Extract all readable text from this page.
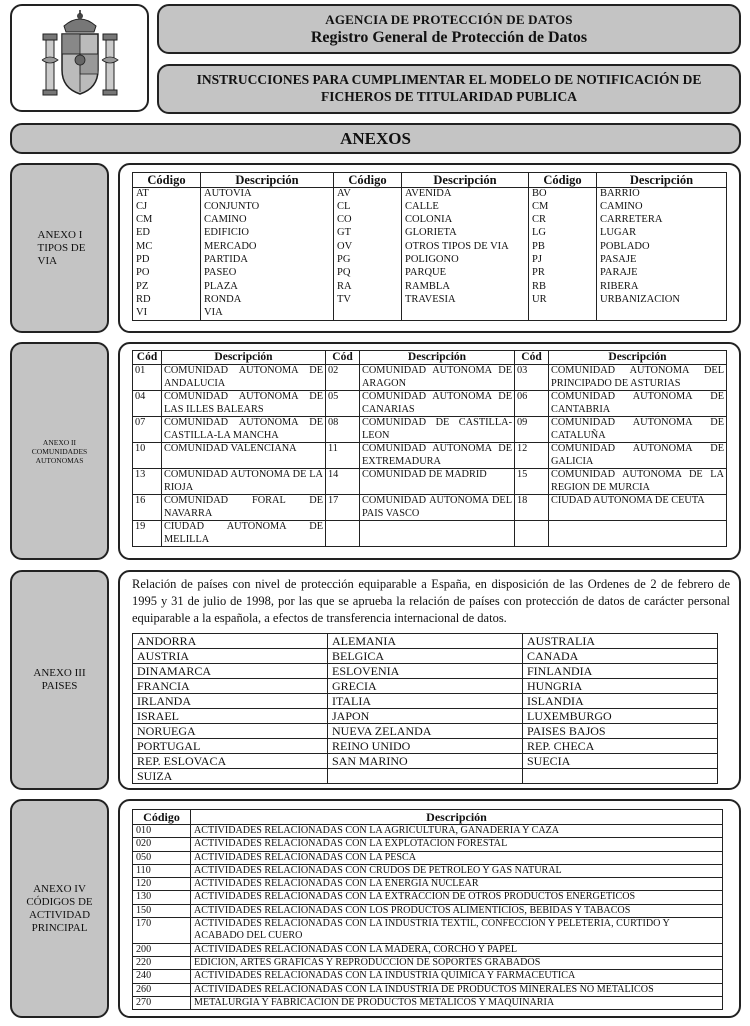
AGENCIA DE PROTECCIÓN DE DATOS
Registro General de Protección de Datos
INSTRUCCIONES PARA CUMPLIMENTAR EL MODELO DE NOTIFICACIÓN DE FICHEROS DE TITULARIDAD PUBLICA
ANEXOS
ANEXO I
TIPOS DE
VIA
ANEXO II
COMUNIDADES
AUTONOMAS
ANEXO III
PAISES
ANEXO IV
CÓDIGOS DE
ACTIVIDAD
PRINCIPAL
Código	Descripción	Código	Descripción	Código	Descripción
AT	AUTOVIA	AV	AVENIDA	BO	BARRIO
CJ	CONJUNTO	CL	CALLE	CM	CAMINO
CM	CAMINO	CO	COLONIA	CR	CARRETERA
ED	EDIFICIO	GT	GLORIETA	LG	LUGAR
MC	MERCADO	OV	OTROS TIPOS DE VIA	PB	POBLADO
PD	PARTIDA	PG	POLIGONO	PJ	PASAJE
PO	PASEO	PQ	PARQUE	PR	PARAJE
PZ	PLAZA	RA	RAMBLA	RB	RIBERA
RD	RONDA	TV	TRAVESIA	UR	URBANIZACION
VI	VIA				
Cód	Descripción	Cód	Descripción	Cód	Descripción
01	COMUNIDAD AUTONOMA DE ANDALUCIA	02	COMUNIDAD AUTONOMA DE ARAGON	03	COMUNIDAD AUTONOMA DEL PRINCIPADO DE ASTURIAS
04	COMUNIDAD AUTONOMA DE LAS ILLES BALEARS	05	COMUNIDAD AUTONOMA DE CANARIAS	06	COMUNIDAD AUTONOMA DE CANTABRIA
07	COMUNIDAD AUTONOMA DE CASTILLA-LA MANCHA	08	COMUNIDAD DE CASTILLA-LEON	09	COMUNIDAD AUTONOMA DE CATALUÑA
10	COMUNIDAD VALENCIANA	11	COMUNIDAD AUTONOMA DE EXTREMADURA	12	COMUNIDAD AUTONOMA DE GALICIA
13	COMUNIDAD AUTONOMA DE LA RIOJA	14	COMUNIDAD DE MADRID	15	COMUNIDAD AUTONOMA DE LA REGION DE MURCIA
16	COMUNIDAD FORAL DE NAVARRA	17	COMUNIDAD AUTONOMA DEL PAIS VASCO	18	CIUDAD AUTONOMA DE CEUTA
19	CIUDAD AUTONOMA DE MELILLA				

Relación de países con nivel de protección equiparable a España, en disposición de las Ordenes de 2 de febrero de 1995 y 31 de julio de 1998, por las que se aprueba la relación de países con protección de datos de carácter personal equiparable a la española, a efectos de transferencia internacional de datos.

ANDORRA	ALEMANIA	AUSTRALIA
AUSTRIA	BELGICA	CANADA
DINAMARCA	ESLOVENIA	FINLANDIA
FRANCIA	GRECIA	HUNGRIA
IRLANDA	ITALIA	ISLANDIA
ISRAEL	JAPON	LUXEMBURGO
NORUEGA	NUEVA ZELANDA	PAISES BAJOS
PORTUGAL	REINO UNIDO	REP. CHECA
REP. ESLOVACA	SAN MARINO	SUECIA
SUIZA		
Código	Descripción
010	ACTIVIDADES RELACIONADAS CON LA AGRICULTURA, GANADERIA Y CAZA
020	ACTIVIDADES RELACIONADAS CON LA EXPLOTACION FORESTAL
050	ACTIVIDADES RELACIONADAS CON LA PESCA
110	ACTIVIDADES RELACIONADAS CON CRUDOS DE PETROLEO Y GAS NATURAL
120	ACTIVIDADES RELACIONADAS CON LA ENERGIA NUCLEAR
130	ACTIVIDADES RELACIONADAS CON LA EXTRACCION DE OTROS PRODUCTOS ENERGETICOS
150	ACTIVIDADES RELACIONADAS CON LOS PRODUCTOS ALIMENTICIOS, BEBIDAS Y TABACOS
170	ACTIVIDADES RELACIONADAS CON LA INDUSTRIA TEXTIL, CONFECCION Y PELETERIA, CURTIDO Y ACABADO DEL CUERO
200	ACTIVIDADES RELACIONADAS CON LA MADERA, CORCHO Y PAPEL
220	EDICION, ARTES GRAFICAS Y REPRODUCCION DE SOPORTES GRABADOS
240	ACTIVIDADES RELACIONADAS CON LA INDUSTRIA QUIMICA Y FARMACEUTICA
260	ACTIVIDADES RELACIONADAS CON LA INDUSTRIA DE PRODUCTOS MINERALES NO METALICOS
270	METALURGIA Y FABRICACION DE PRODUCTOS METALICOS Y MAQUINARIA
